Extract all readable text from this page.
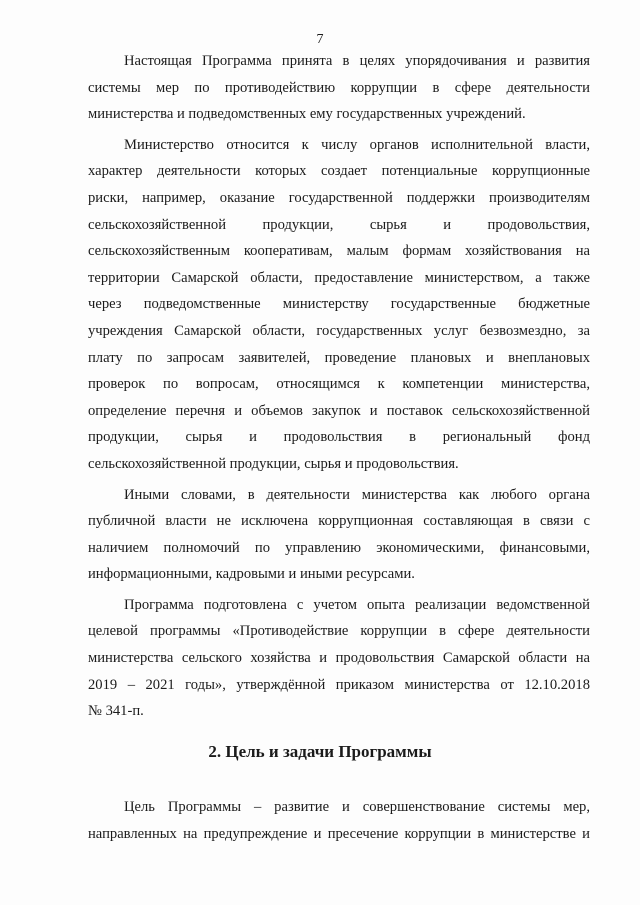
7

Настоящая Программа принята в целях упорядочивания и развития
системы мер по противодействию коррупции в сфере деятельности
министерства и подведомственных ему государственных учреждений.

Министерство относится к числу органов исполнительной власти,
характер деятельности которых создает потенциальные коррупционные
риски, например, оказание государственной поддержки производителям
сельскохозяйственной продукции, сырья и продовольствия,
сельскохозяйственным кооперативам, малым формам хозяйствования на
территории Самарской области, предоставление министерством, а также
через подведомственные министерству государственные бюджетные
учреждения Самарской области, государственных услуг безвозмездно, за
плату по запросам заявителей, проведение плановых и внеплановых
проверок по вопросам, относящимся к компетенции министерства,
определение перечня и объемов закупок и поставок сельскохозяйственной
продукции, сырья и продовольствия в региональный фонд
сельскохозяйственной продукции, сырья и продовольствия.

Иными словами, в деятельности министерства как любого органа
публичной власти не исключена коррупционная составляющая в связи с
наличием полномочий по управлению экономическими, финансовыми,
информационными, кадровыми и иными ресурсами.

Программа подготовлена с учетом опыта реализации ведомственной
целевой программы «Противодействие коррупции в сфере деятельности
министерства сельского хозяйства и продовольствия Самарской области на
2019 – 2021 годы», утверждённой приказом министерства от 12.10.2018
№ 341-п.

2. Цель и задачи Программы

Цель Программы – развитие и совершенствование системы мер,
направленных на предупреждение и пресечение коррупции в министерстве и
